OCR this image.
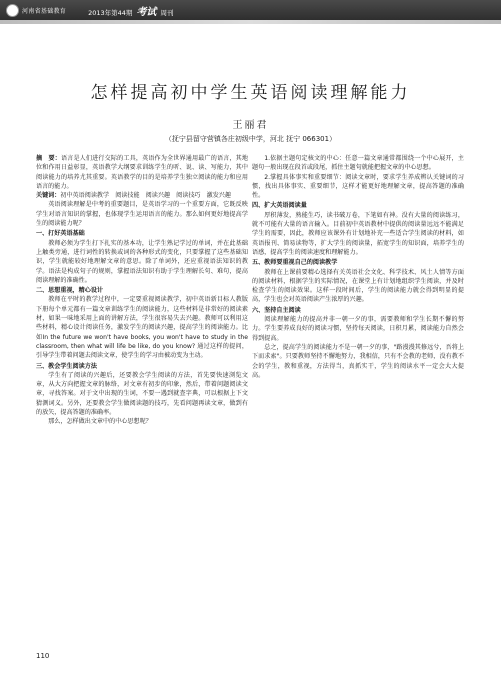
河南省基础教育	2013年第44期 考试 周刊
怎样提高初中学生英语阅读理解能力
王丽君
（抚宁县留守营镇各庄初级中学，河北 抚宁 066301）

摘　要：语言是人们进行交际的工具，英语作为全世界通用最广的语言，其地位和作用日益彰显，英语教学大纲要求训练学生的听、说、读、写能力，其中阅读能力的培养尤其重要。英语教学的目的是培养学生独立阅读的能力和应用语言的能力。

关键词：初中英语阅读教学　阅读技能　阅读兴趣　阅读技巧　激发兴趣

英语阅读理解是中考的重要题目，是英语学习的一个重要方面，它既反映学生对语言知识的掌握，也体现学生运用语言的能力。那么如何更好地提高学生的阅读能力呢？

一、打好英语基础

教师必须为学生打下扎实的基本功，让学生熟记学过的单词，并在此基础上触类旁通，进行词性的转换或词的各种形式的变化，只要掌握了这些基础知识，学生就能较好地理解文章的意思。除了单词外，还应重视语法知识的教学。语法是构成句子的规则，掌握语法知识有助于学生理解长句、难句，提高阅读理解的准确性。

二、思想重视，精心设计

教师在平时的教学过程中，一定要重视阅读教学，初中英语新目标人教版下册每个单元都有一篇文章训练学生的阅读能力，这些材料是非常好的阅读素材，如果一味地采用上面的讲解方法，学生很容易失去兴趣。教师可以利用这些材料，精心设计阅读任务，激发学生的阅读兴趣，提高学生的阅读能力。比如In the future we won't have books, you won't have to study in the classroom, then what will life be like, do you know? 通过这样的提问，引导学生带着问题去阅读文章，使学生的学习由被动变为主动。

三、教会学生阅读方法

学生有了阅读的兴趣后，还要教会学生阅读的方法，首先要快速浏览文章，从大方向把握文章的脉络，对文章有初步的印象，然后，带着问题阅读文章，寻找答案。对于文中出现的生词，不要一遇到就查字典，可以根据上下文猜测词义。另外，还要教会学生做阅读题的技巧，先看问题再读文章，做到有的放矢，提高答题的准确率。

那么，怎样做出文章中的中心思想呢？

1.依据主题句定核文的中心：任意一篇文章通常都围绕一个中心展开，主题句一般出现在段首或段尾，抓住主题句就能把握文章的中心思想。

2.掌握具体事实和重要细节：阅读文章时，要求学生养成辨认关键词的习惯，找出具体事实、重要细节，这样才能更好地理解文章，提高答题的准确性。

四、扩大英语阅读量

厚积薄发，熟能生巧，读书破万卷，下笔如有神。没有大量的阅读练习，就不可能有大量的语言输入。目前初中英语教材中提供的阅读量远远不能满足学生的需要，因此，教师应该课外有计划地补充一些适合学生阅读的材料，如英语报刊、简易读物等，扩大学生的阅读量，拓宽学生的知识面，培养学生的语感，提高学生的阅读速度和理解能力。

五、教师要重视自己的阅读教学

教师在上课前要精心选择有关英语社会文化、科学技术、风土人情等方面的阅读材料，根据学生的实际情况，在课堂上有计划地组织学生阅读，并及时检查学生的阅读效果。这样一段时间后，学生的阅读能力就会得到明显的提高，学生也会对英语阅读产生浓厚的兴趣。

六、坚持自主阅读

阅读理解能力的提高并非一朝一夕的事，需要教师和学生长期不懈的努力。学生要养成良好的阅读习惯，坚持每天阅读，日积月累，阅读能力自然会得到提高。

总之，提高学生的阅读能力不是一朝一夕的事，"路漫漫其修远兮，吾将上下而求索"。只要教师坚持不懈地努力，我相信，只有不会教的老师，没有教不会的学生，教和重视，方法得当，真抓实干，学生的阅读水平一定会大大提高。

110
